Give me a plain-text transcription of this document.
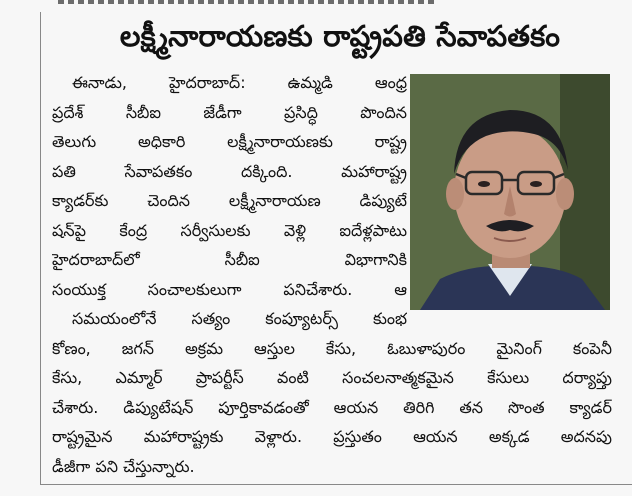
లక్ష్మీనారాయణకు రాష్ట్రపతి సేవాపతకం
ఈనాడు, హైదరాబాద్: ఉమ్మడి ఆంధ్ర
ప్రదేశ్ సీబీఐ జేడీగా ప్రసిద్ధి పొందిన
తెలుగు అధికారి లక్ష్మీనారాయణకు రాష్ట్ర
పతి సేవాపతకం దక్కింది. మహారాష్ట్ర
క్యాడర్‌కు చెందిన లక్ష్మీనారాయణ డిప్యుటే
షన్‌పై కేంద్ర సర్వీసులకు వెళ్లి ఐదేళ్లపాటు
హైదరాబాద్‌లో సీబీఐ విభాగానికి
సంయుక్త సంచాలకులుగా పనిచేశారు. ఆ
సమయంలోనే సత్యం కంప్యూటర్స్ కుంభ
కోణం, జగన్ అక్రమ ఆస్తుల కేసు, ఓబుళాపురం మైనింగ్ కంపెనీ
కేసు, ఎమ్మార్ ప్రాపర్టీస్ వంటి సంచలనాత్మకమైన కేసులు దర్యాప్తు
చేశారు. డిప్యుటేషన్ పూర్తికావడంతో ఆయన తిరిగి తన సొంత క్యాడర్
రాష్ట్రమైన మహారాష్ట్రకు వెళ్లారు. ప్రస్తుతం ఆయన అక్కడ అదనపు
డీజీగా పని చేస్తున్నారు.
